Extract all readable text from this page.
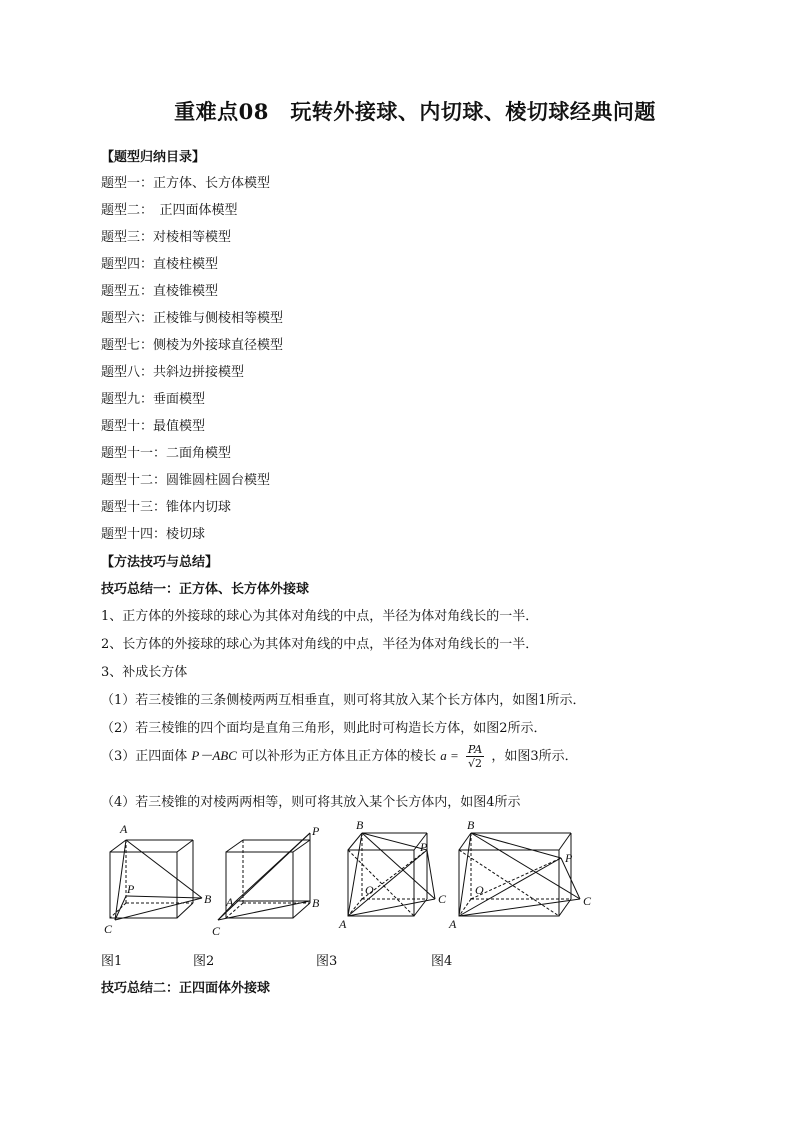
重难点08　玩转外接球、内切球、棱切球经典问题
【题型归纳目录】
题型一：正方体、长方体模型
题型二：　正四面体模型
题型三：对棱相等模型
题型四：直棱柱模型
题型五：直棱锥模型
题型六：正棱锥与侧棱相等模型
题型七：侧棱为外接球直径模型
题型八：共斜边拼接模型
题型九：垂面模型
题型十：最值模型
题型十一：二面角模型
题型十二：圆锥圆柱圆台模型
题型十三：锥体内切球
题型十四：棱切球
【方法技巧与总结】
技巧总结一：正方体、长方体外接球
1、正方体的外接球的球心为其体对角线的中点，半径为体对角线长的一半．
2、长方体的外接球的球心为其体对角线的中点，半径为体对角线长的一半．
3、补成长方体
（1）若三棱锥的三条侧棱两两互相垂直，则可将其放入某个长方体内，如图1所示．
（2）若三棱锥的四个面均是直角三角形，则此时可构造长方体，如图2所示．
（3）正四面体 P－ABC 可以补形为正方体且正方体的棱长 $a = \frac{PA}{√2}$ ，如图3所示．
（4）若三棱锥的对棱两两相等，则可将其放入某个长方体内，如图4所示
A
P
B
C
P
A	B
C
B
P
O
C
A
B
P
O
C
A
图1	图2	图3	图4
技巧总结二：正四面体外接球
